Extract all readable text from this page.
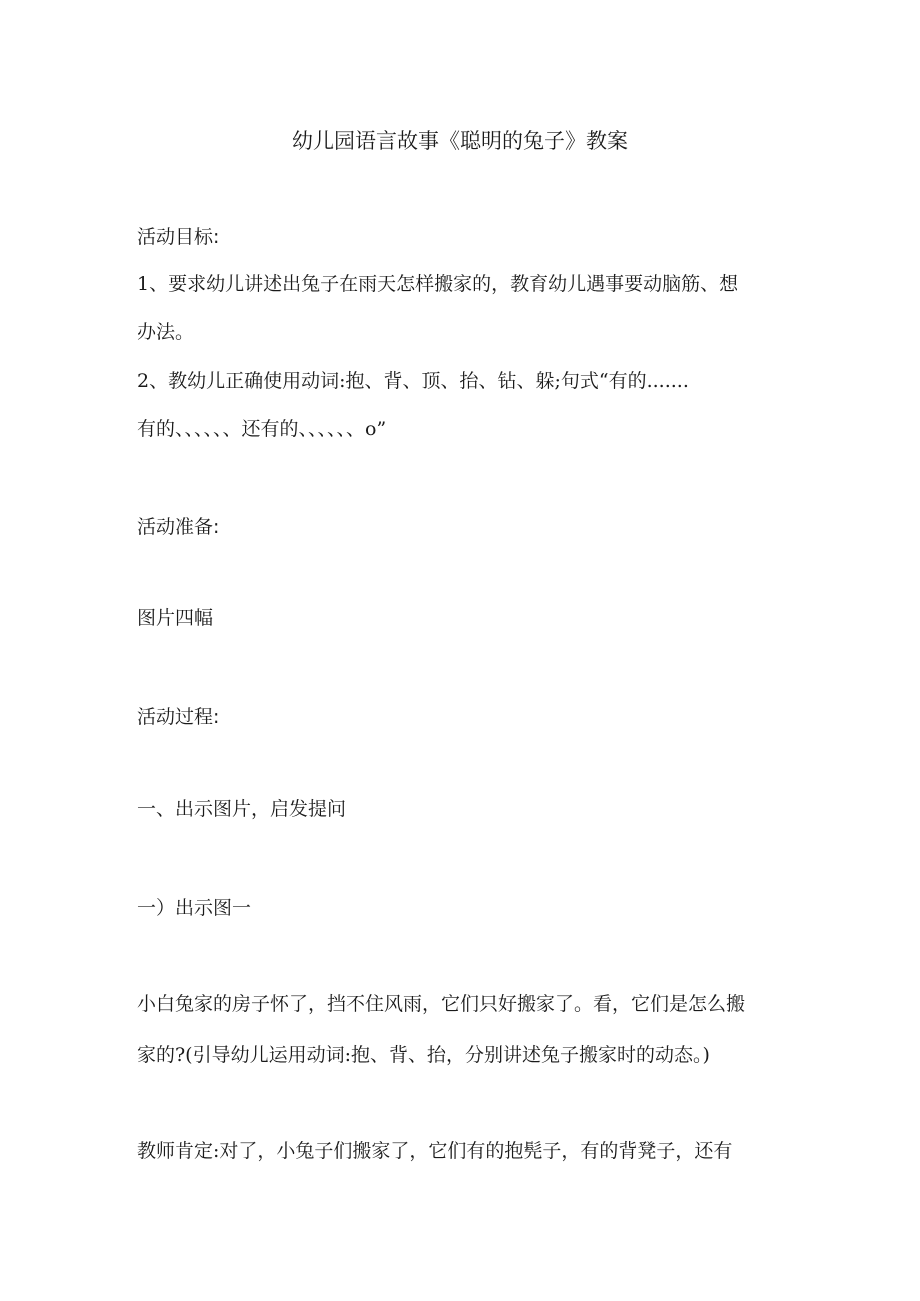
幼儿园语言故事《聪明的兔子》教案

活动目标:

1、要求幼儿讲述出兔子在雨天怎样搬家的，教育幼儿遇事要动脑筋、想

办法。

2、教幼儿正确使用动词:抱、背、顶、抬、钻、躲;句式“有的.......

有的、、、、、、还有的、、、、、、o”

活动准备:

图片四幅

活动过程:

一、出示图片，启发提问

一）出示图一

小白兔家的房子怀了，挡不住风雨，它们只好搬家了。看，它们是怎么搬

家的?(引导幼儿运用动词:抱、背、抬，分别讲述兔子搬家时的动态。)

教师肯定:对了，小兔子们搬家了，它们有的抱髡子，有的背凳子，还有
